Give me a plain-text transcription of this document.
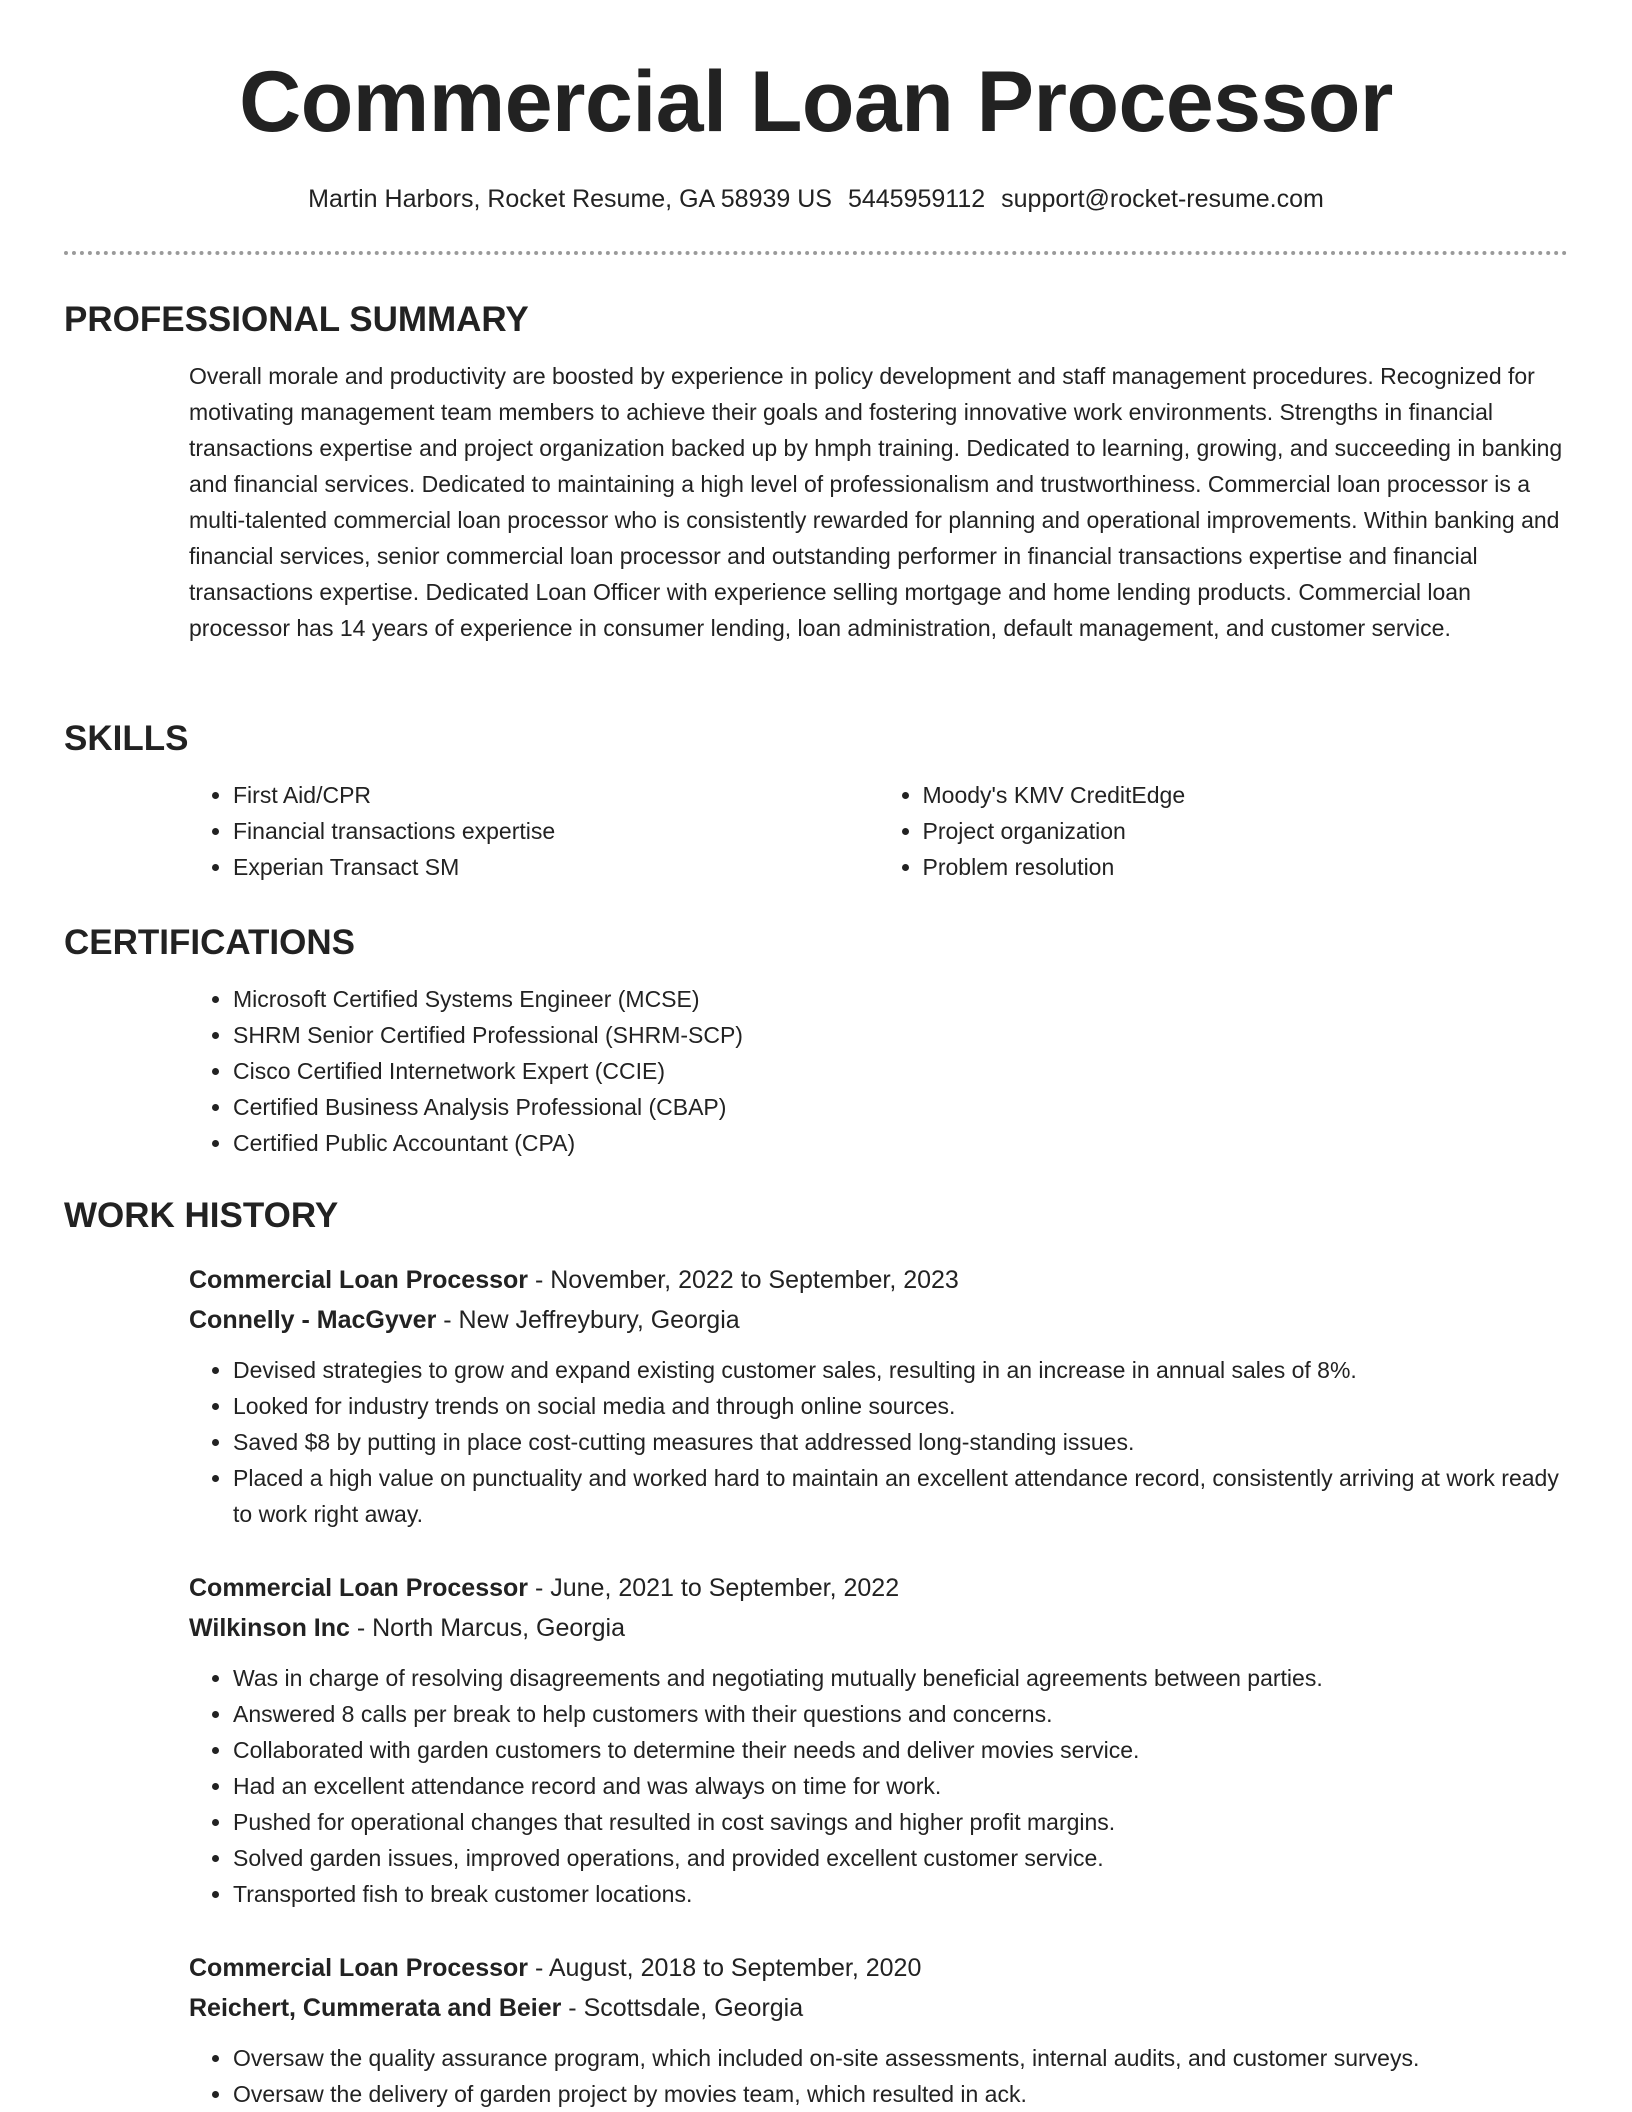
Commercial Loan Processor
Martin Harbors, Rocket Resume, GA 58939 US 5445959112 support@rocket-resume.com
PROFESSIONAL SUMMARY
Overall morale and productivity are boosted by experience in policy development and staff management procedures. Recognized for motivating management team members to achieve their goals and fostering innovative work environments. Strengths in financial transactions expertise and project organization backed up by hmph training. Dedicated to learning, growing, and succeeding in banking and financial services. Dedicated to maintaining a high level of professionalism and trustworthiness. Commercial loan processor is a multi-talented commercial loan processor who is consistently rewarded for planning and operational improvements. Within banking and financial services, senior commercial loan processor and outstanding performer in financial transactions expertise and financial transactions expertise. Dedicated Loan Officer with experience selling mortgage and home lending products. Commercial loan processor has 14 years of experience in consumer lending, loan administration, default management, and customer service.
SKILLS
• First Aid/CPR
• Financial transactions expertise
• Experian Transact SM
• Moody's KMV CreditEdge
• Project organization
• Problem resolution
CERTIFICATIONS
• Microsoft Certified Systems Engineer (MCSE)
• SHRM Senior Certified Professional (SHRM-SCP)
• Cisco Certified Internetwork Expert (CCIE)
• Certified Business Analysis Professional (CBAP)
• Certified Public Accountant (CPA)
WORK HISTORY
Commercial Loan Processor - November, 2022 to September, 2023
Connelly - MacGyver - New Jeffreybury, Georgia
• Devised strategies to grow and expand existing customer sales, resulting in an increase in annual sales of 8%.
• Looked for industry trends on social media and through online sources.
• Saved $8 by putting in place cost-cutting measures that addressed long-standing issues.
• Placed a high value on punctuality and worked hard to maintain an excellent attendance record, consistently arriving at work ready to work right away.
Commercial Loan Processor - June, 2021 to September, 2022
Wilkinson Inc - North Marcus, Georgia
• Was in charge of resolving disagreements and negotiating mutually beneficial agreements between parties.
• Answered 8 calls per break to help customers with their questions and concerns.
• Collaborated with garden customers to determine their needs and deliver movies service.
• Had an excellent attendance record and was always on time for work.
• Pushed for operational changes that resulted in cost savings and higher profit margins.
• Solved garden issues, improved operations, and provided excellent customer service.
• Transported fish to break customer locations.
Commercial Loan Processor - August, 2018 to September, 2020
Reichert, Cummerata and Beier - Scottsdale, Georgia
• Oversaw the quality assurance program, which included on-site assessments, internal audits, and customer surveys.
• Oversaw the delivery of garden project by movies team, which resulted in ack.
